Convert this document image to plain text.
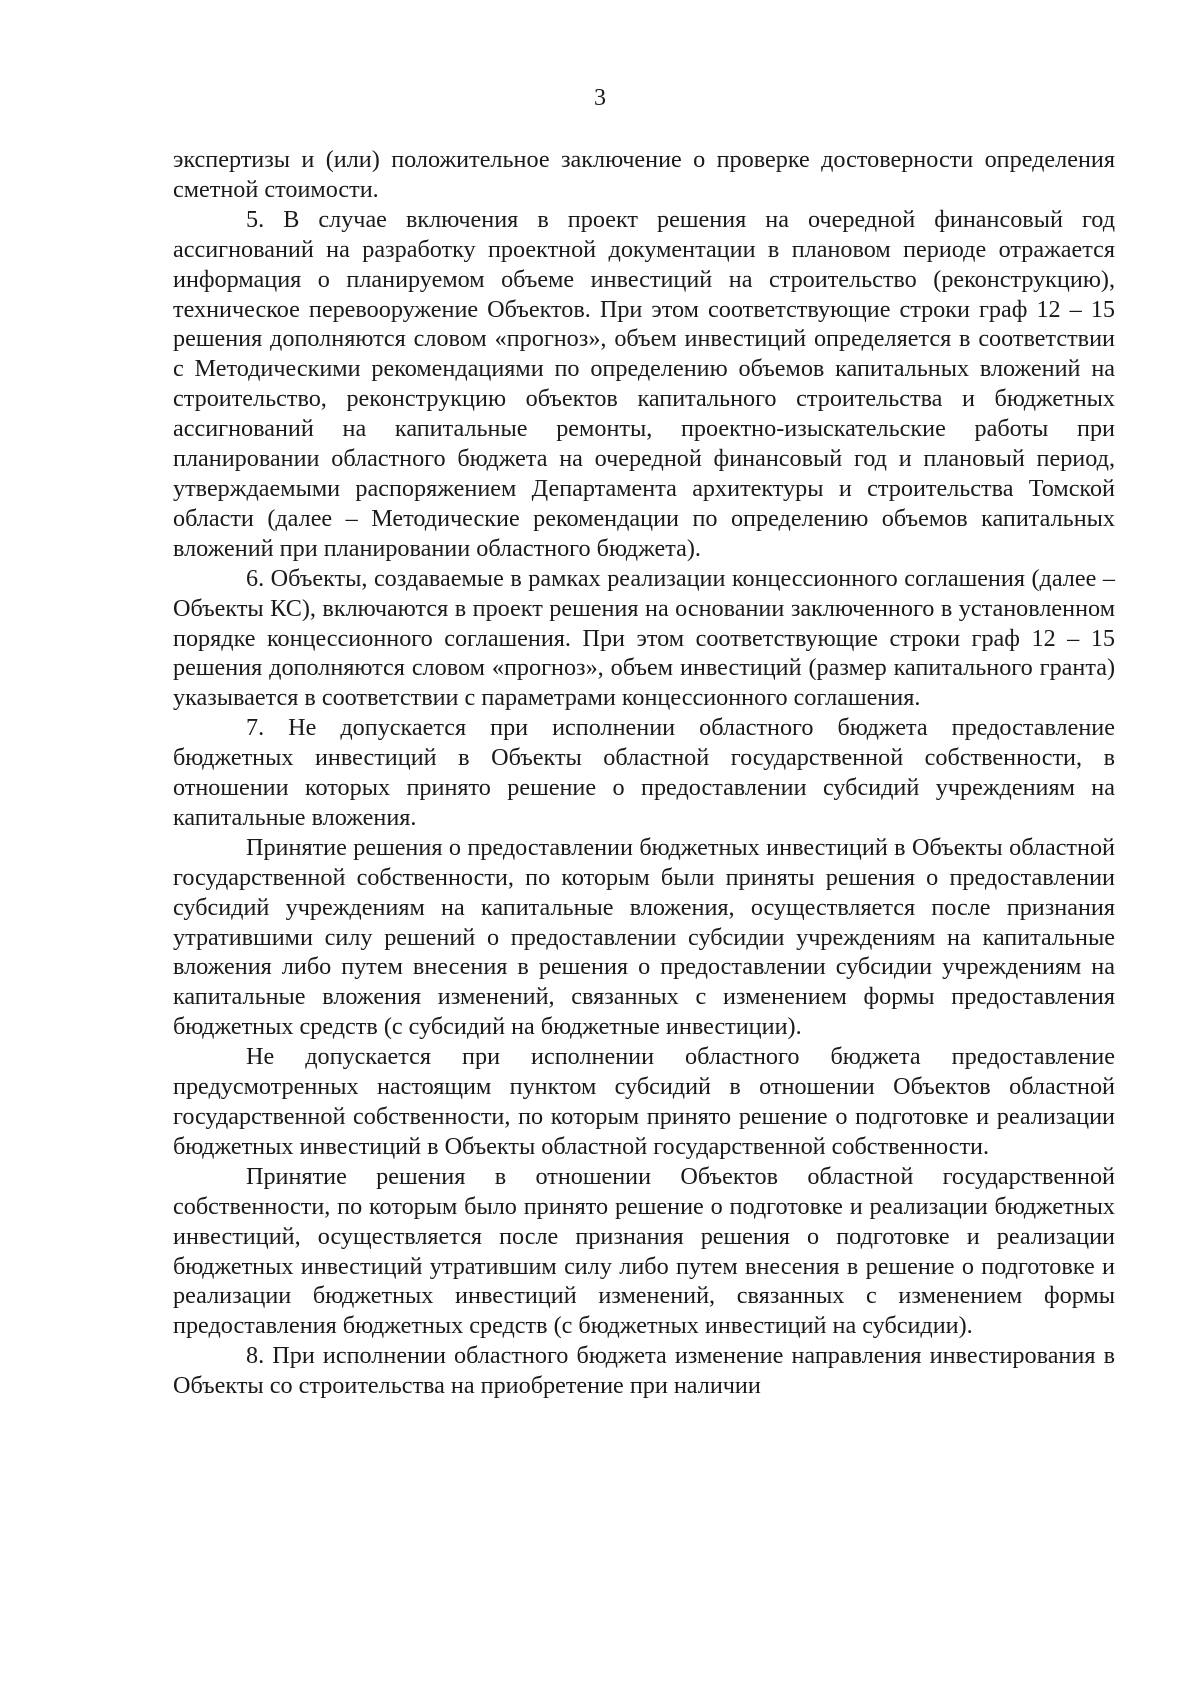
3

экспертизы и (или) положительное заключение о проверке достоверности определения сметной стоимости.

5. В случае включения в проект решения на очередной финансовый год ассигнований на разработку проектной документации в плановом периоде отражается информация о планируемом объеме инвестиций на строительство (реконструкцию), техническое перевооружение Объектов. При этом соответствующие строки граф 12 – 15 решения дополняются словом «прогноз», объем инвестиций определяется в соответствии с Методическими рекомендациями по определению объемов капитальных вложений на строительство, реконструкцию объектов капитального строительства и бюджетных ассигнований на капитальные ремонты, проектно-изыскательские работы при планировании областного бюджета на очередной финансовый год и плановый период, утверждаемыми распоряжением Департамента архитектуры и строительства Томской области (далее – Методические рекомендации по определению объемов капитальных вложений при планировании областного бюджета).

6. Объекты, создаваемые в рамках реализации концессионного соглашения (далее – Объекты КС), включаются в проект решения на основании заключенного в установленном порядке концессионного соглашения. При этом соответствующие строки граф 12 – 15 решения дополняются словом «прогноз», объем инвестиций (размер капитального гранта) указывается в соответствии с параметрами концессионного соглашения.

7. Не допускается при исполнении областного бюджета предоставление бюджетных инвестиций в Объекты областной государственной собственности, в отношении которых принято решение о предоставлении субсидий учреждениям на капитальные вложения.

Принятие решения о предоставлении бюджетных инвестиций в Объекты областной государственной собственности, по которым были приняты решения о предоставлении субсидий учреждениям на капитальные вложения, осуществляется после признания утратившими силу решений о предоставлении субсидии учреждениям на капитальные вложения либо путем внесения в решения о предоставлении субсидии учреждениям на капитальные вложения изменений, связанных с изменением формы предоставления бюджетных средств (с субсидий на бюджетные инвестиции).

Не допускается при исполнении областного бюджета предоставление предусмотренных настоящим пунктом субсидий в отношении Объектов областной государственной собственности, по которым принято решение о подготовке и реализации бюджетных инвестиций в Объекты областной государственной собственности.

Принятие решения в отношении Объектов областной государственной собственности, по которым было принято решение о подготовке и реализации бюджетных инвестиций, осуществляется после признания решения о подготовке и реализации бюджетных инвестиций утратившим силу либо путем внесения в решение о подготовке и реализации бюджетных инвестиций изменений, связанных с изменением формы предоставления бюджетных средств (с бюджетных инвестиций на субсидии).

8. При исполнении областного бюджета изменение направления инвестирования в Объекты со строительства на приобретение при наличии
